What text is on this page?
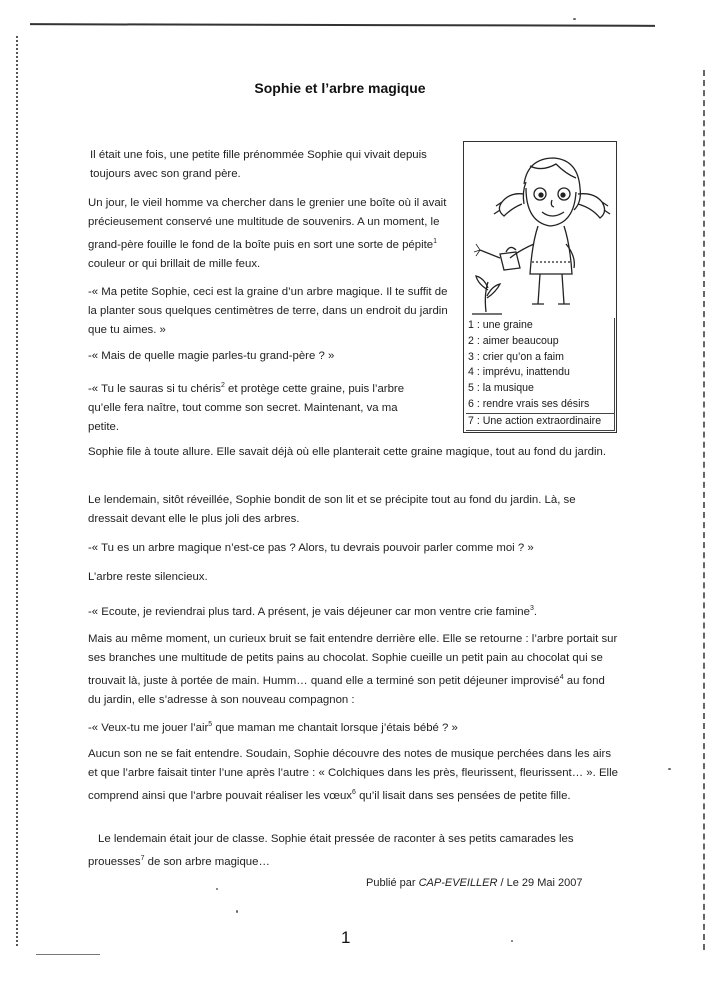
Sophie et l’arbre magique

Il était une fois, une petite fille prénommée Sophie qui vivait depuis toujours avec son grand père.

Un jour, le vieil homme va chercher dans le grenier une boîte où il avait précieusement conservé une multitude de souvenirs. A un moment, le grand-père fouille le fond de la boîte puis en sort une sorte de pépite$^1$ couleur or qui brillait de mille feux.

-« Ma petite Sophie, ceci est la graine d’un arbre magique. Il te suffit de la planter sous quelques centimètres de terre, dans un endroit du jardin que tu aimes. »

-« Mais de quelle magie parles-tu grand-père ? »

-« Tu le sauras si tu chéris$^2$ et protège cette graine, puis l’arbre qu’elle fera naître, tout comme son secret. Maintenant, va ma petite.

Sophie file à toute allure. Elle savait déjà où elle planterait cette graine magique, tout au fond du jardin.

Le lendemain, sitôt réveillée, Sophie bondit de son lit et se précipite tout au fond du jardin. Là, se dressait devant elle le plus joli des arbres.

-« Tu es un arbre magique n’est-ce pas ? Alors, tu devrais pouvoir parler comme moi ? »

L’arbre reste silencieux.

-« Ecoute, je reviendrai plus tard. A présent, je vais déjeuner car mon ventre crie famine$^3$.

Mais au même moment, un curieux bruit se fait entendre derrière elle. Elle se retourne : l’arbre portait sur ses branches une multitude de petits pains au chocolat. Sophie cueille un petit pain au chocolat qui se trouvait là, juste à portée de main. Humm… quand elle a terminé son petit déjeuner improvisé$^4$ au fond du jardin, elle s’adresse à son nouveau compagnon :

-« Veux-tu me jouer l’air$^5$ que maman me chantait lorsque j’étais bébé ? »

Aucun son ne se fait entendre. Soudain, Sophie découvre des notes de musique perchées dans les airs et que l’arbre faisait tinter l’une après l’autre : « Colchiques dans les près, fleurissent, fleurissent… ». Elle comprend ainsi que l’arbre pouvait réaliser les vœux$^6$ qu’il lisait dans ses pensées de petite fille.

Le lendemain était jour de classe. Sophie était pressée de raconter à ses petits camarades les prouesses$^7$ de son arbre magique…

1 : une graine
2 : aimer beaucoup
3 : crier qu’on a faim
4 : imprévu, inattendu
5 : la musique
6 : rendre vrais ses désirs
7 : Une action extraordinaire
Publié par CAP-EVEILLER / Le 29 Mai 2007
1
